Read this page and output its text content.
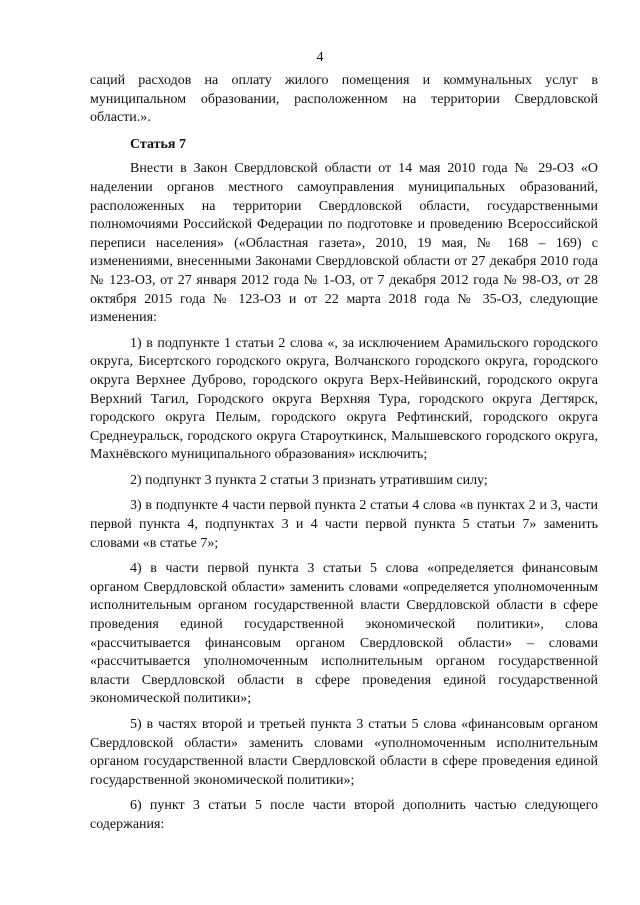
4

саций расходов на оплату жилого помещения и коммунальных услуг в муниципальном образовании, расположенном на территории Свердловской области.».

Статья 7

Внести в Закон Свердловской области от 14 мая 2010 года № 29-ОЗ «О наделении органов местного самоуправления муниципальных образований, расположенных на территории Свердловской области, государственными полномочиями Российской Федерации по подготовке и проведению Всероссийской переписи населения» («Областная газета», 2010, 19 мая, № 168 – 169) с изменениями, внесенными Законами Свердловской области от 27 декабря 2010 года № 123-ОЗ, от 27 января 2012 года № 1-ОЗ, от 7 декабря 2012 года № 98-ОЗ, от 28 октября 2015 года № 123-ОЗ и от 22 марта 2018 года № 35-ОЗ, следующие изменения:

1) в подпункте 1 статьи 2 слова «, за исключением Арамильского городского округа, Бисертского городского округа, Волчанского городского округа, городского округа Верхнее Дуброво, городского округа Верх-Нейвинский, городского округа Верхний Тагил, Городского округа Верхняя Тура, городского округа Дегтярск, городского округа Пелым, городского округа Рефтинский, городского округа Среднеуральск, городского округа Староуткинск, Малышевского городского округа, Махнёвского муниципального образования» исключить;

2) подпункт 3 пункта 2 статьи 3 признать утратившим силу;

3) в подпункте 4 части первой пункта 2 статьи 4 слова «в пунктах 2 и 3, части первой пункта 4, подпунктах 3 и 4 части первой пункта 5 статьи 7» заменить словами «в статье 7»;

4) в части первой пункта 3 статьи 5 слова «определяется финансовым органом Свердловской области» заменить словами «определяется уполномоченным исполнительным органом государственной власти Свердловской области в сфере проведения единой государственной экономической политики», слова «рассчитывается финансовым органом Свердловской области» – словами «рассчитывается уполномоченным исполнительным органом государственной власти Свердловской области в сфере проведения единой государственной экономической политики»;

5) в частях второй и третьей пункта 3 статьи 5 слова «финансовым органом Свердловской области» заменить словами «уполномоченным исполнительным органом государственной власти Свердловской области в сфере проведения единой государственной экономической политики»;

6) пункт 3 статьи 5 после части второй дополнить частью следующего содержания:
